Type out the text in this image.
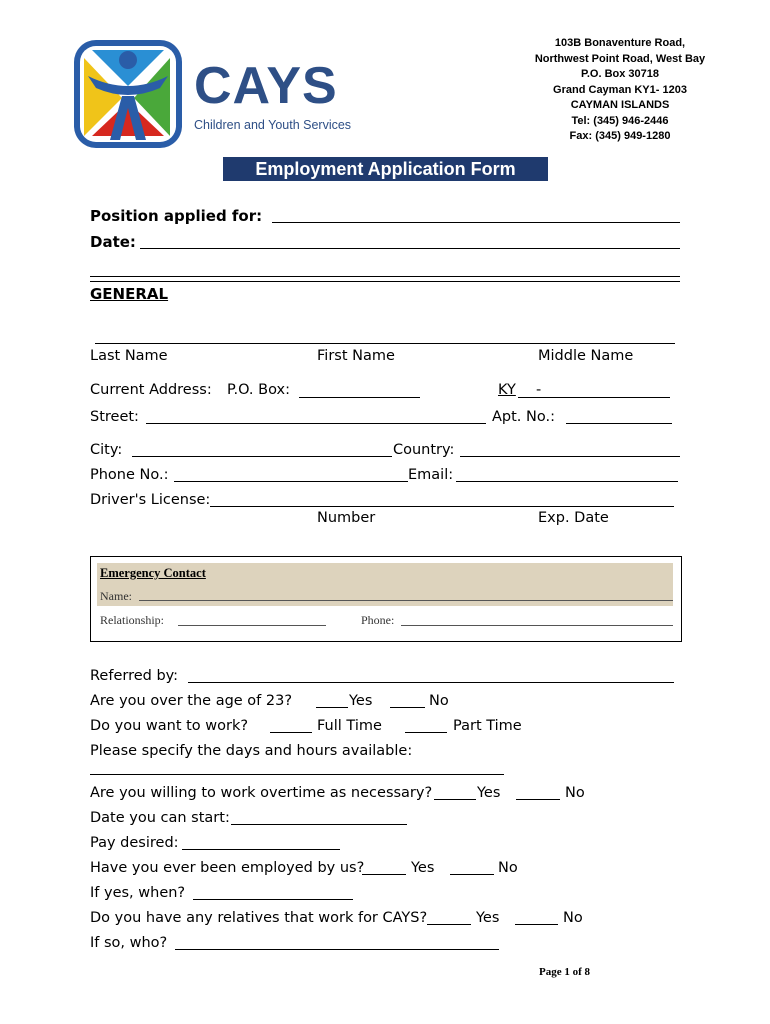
CAYS
Children and Youth Services
103B Bonaventure Road,
Northwest Point Road, West Bay
P.O. Box 30718
Grand Cayman KY1- 1203
CAYMAN ISLANDS
Tel: (345) 946-2446
Fax: (345) 949-1280
Employment Application Form
Position applied for:
Date:
GENERAL
Last Name	First Name	Middle Name
Current Address: P.O. Box:	KY -
Street:	Apt. No.:
City:	Country:
Phone No.:	Email:
Driver's License:
Number	Exp. Date
Emergency Contact
Name:
Relationship:	Phone:
Referred by:
Are you over the age of 23?	Yes	No
Do you want to work?	Full Time	Part Time
Please specify the days and hours available:
Are you willing to work overtime as necessary?	Yes	No
Date you can start:
Pay desired:
Have you ever been employed by us?	Yes	No
If yes, when?
Do you have any relatives that work for CAYS?	Yes	No
If so, who?
Page 1 of 8
